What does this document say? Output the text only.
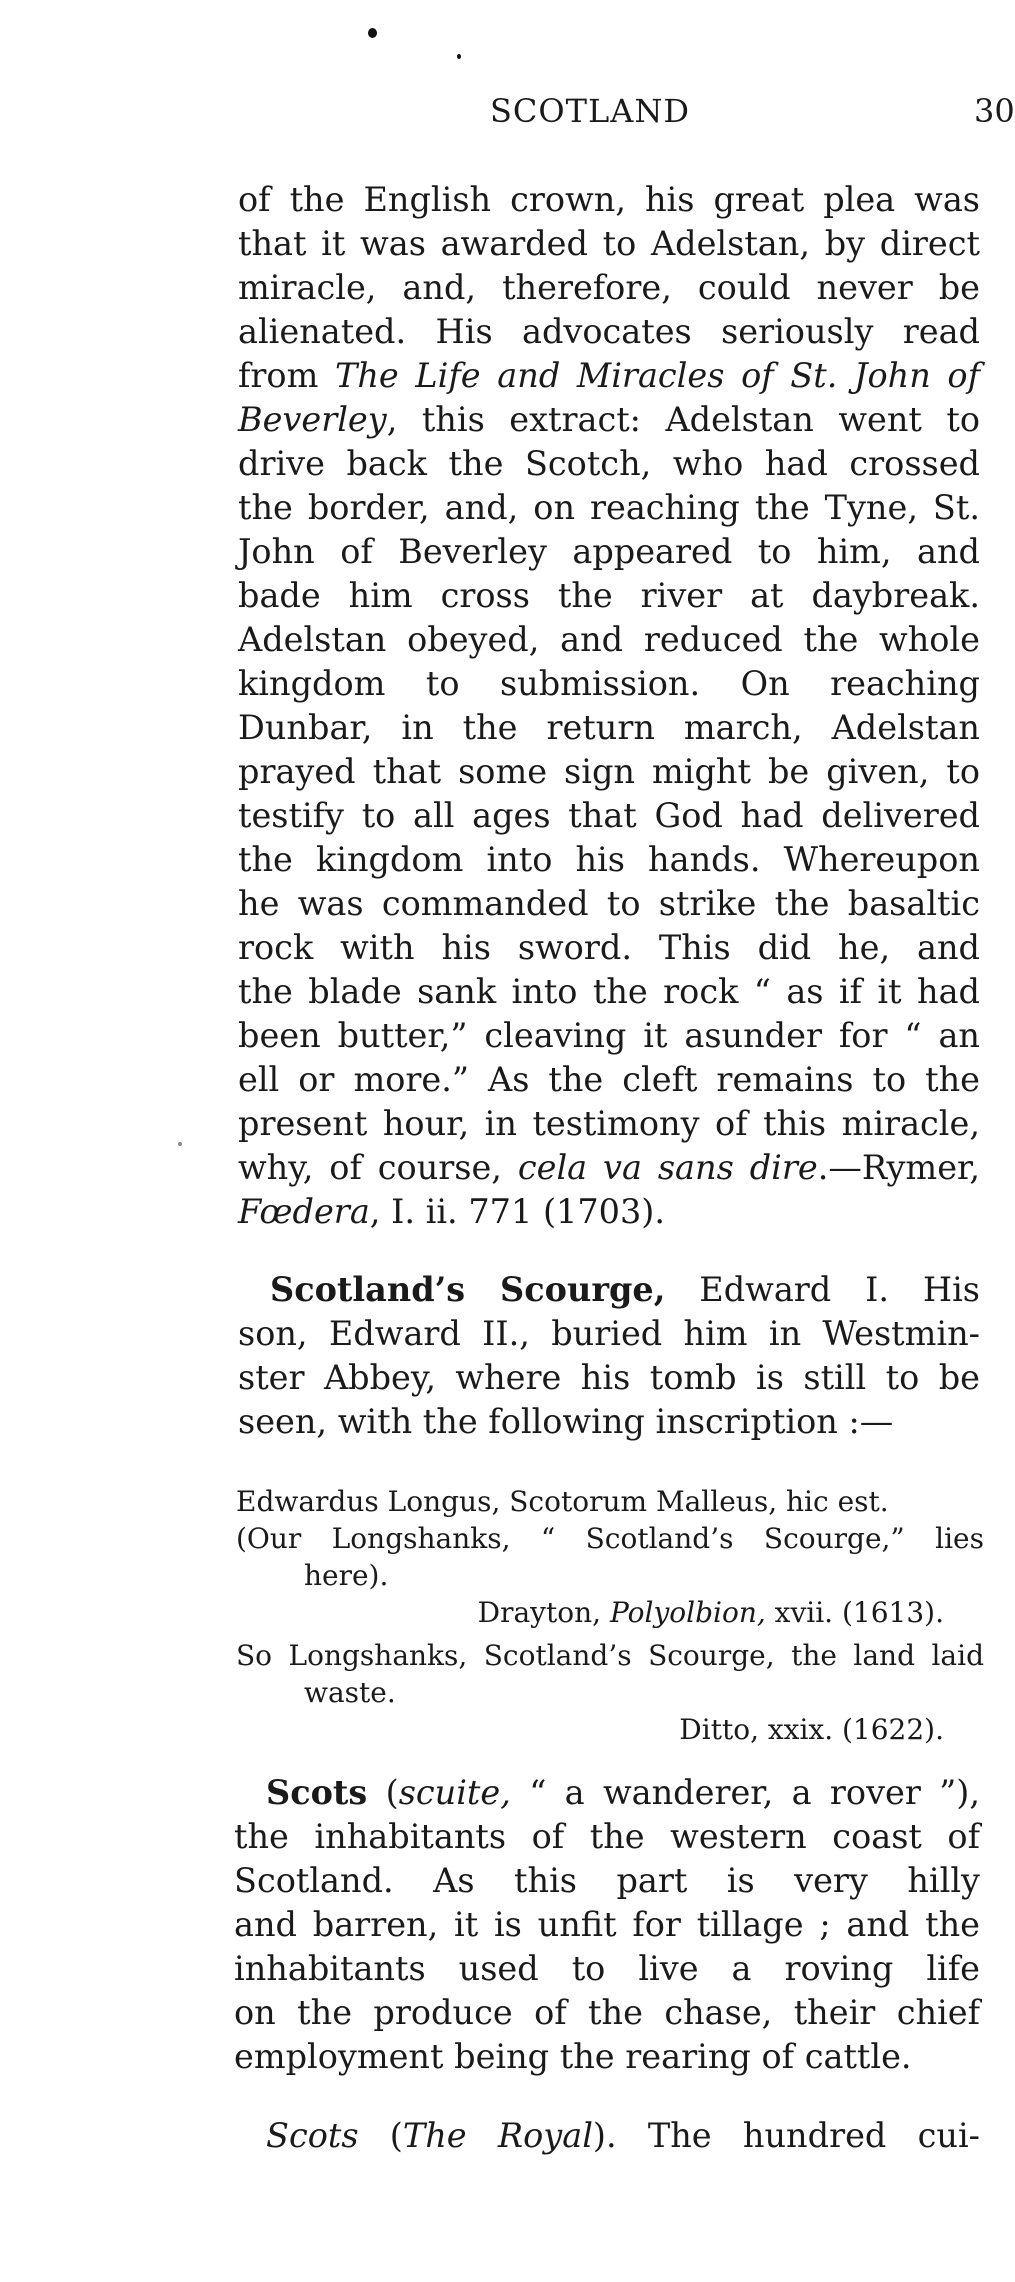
SCOTLAND	30
of the English crown, his great plea was
that it was awarded to Adelstan, by direct
miracle, and, therefore, could never be
alienated. His advocates seriously read
from The Life and Miracles of St. John of
Beverley, this extract: Adelstan went to
drive back the Scotch, who had crossed
the border, and, on reaching the Tyne, St.
John of Beverley appeared to him, and
bade him cross the river at daybreak.
Adelstan obeyed, and reduced the whole
kingdom to submission. On reaching
Dunbar, in the return march, Adelstan
prayed that some sign might be given, to
testify to all ages that God had delivered
the kingdom into his hands. Whereupon
he was commanded to strike the basaltic
rock with his sword. This did he, and
the blade sank into the rock “ as if it had
been butter,” cleaving it asunder for “ an
ell or more.” As the cleft remains to the
present hour, in testimony of this miracle,
why, of course, cela va sans dire.—Rymer,
Fœdera, I. ii. 771 (1703).
Scotland’s Scourge, Edward I. His
son, Edward II., buried him in Westmin-
ster Abbey, where his tomb is still to be
seen, with the following inscription :—
Edwardus Longus, Scotorum Malleus, hic est.
(Our Longshanks, “ Scotland’s Scourge,” lies
here).
Drayton, Polyolbion, xvii. (1613).
So Longshanks, Scotland’s Scourge, the land laid
waste.
Ditto, xxix. (1622).
Scots (scuite, “ a wanderer, a rover ”),
the inhabitants of the western coast of
Scotland. As this part is very hilly
and barren, it is unfit for tillage ; and the
inhabitants used to live a roving life
on the produce of the chase, their chief
employment being the rearing of cattle.
Scots (The Royal). The hundred cui-
